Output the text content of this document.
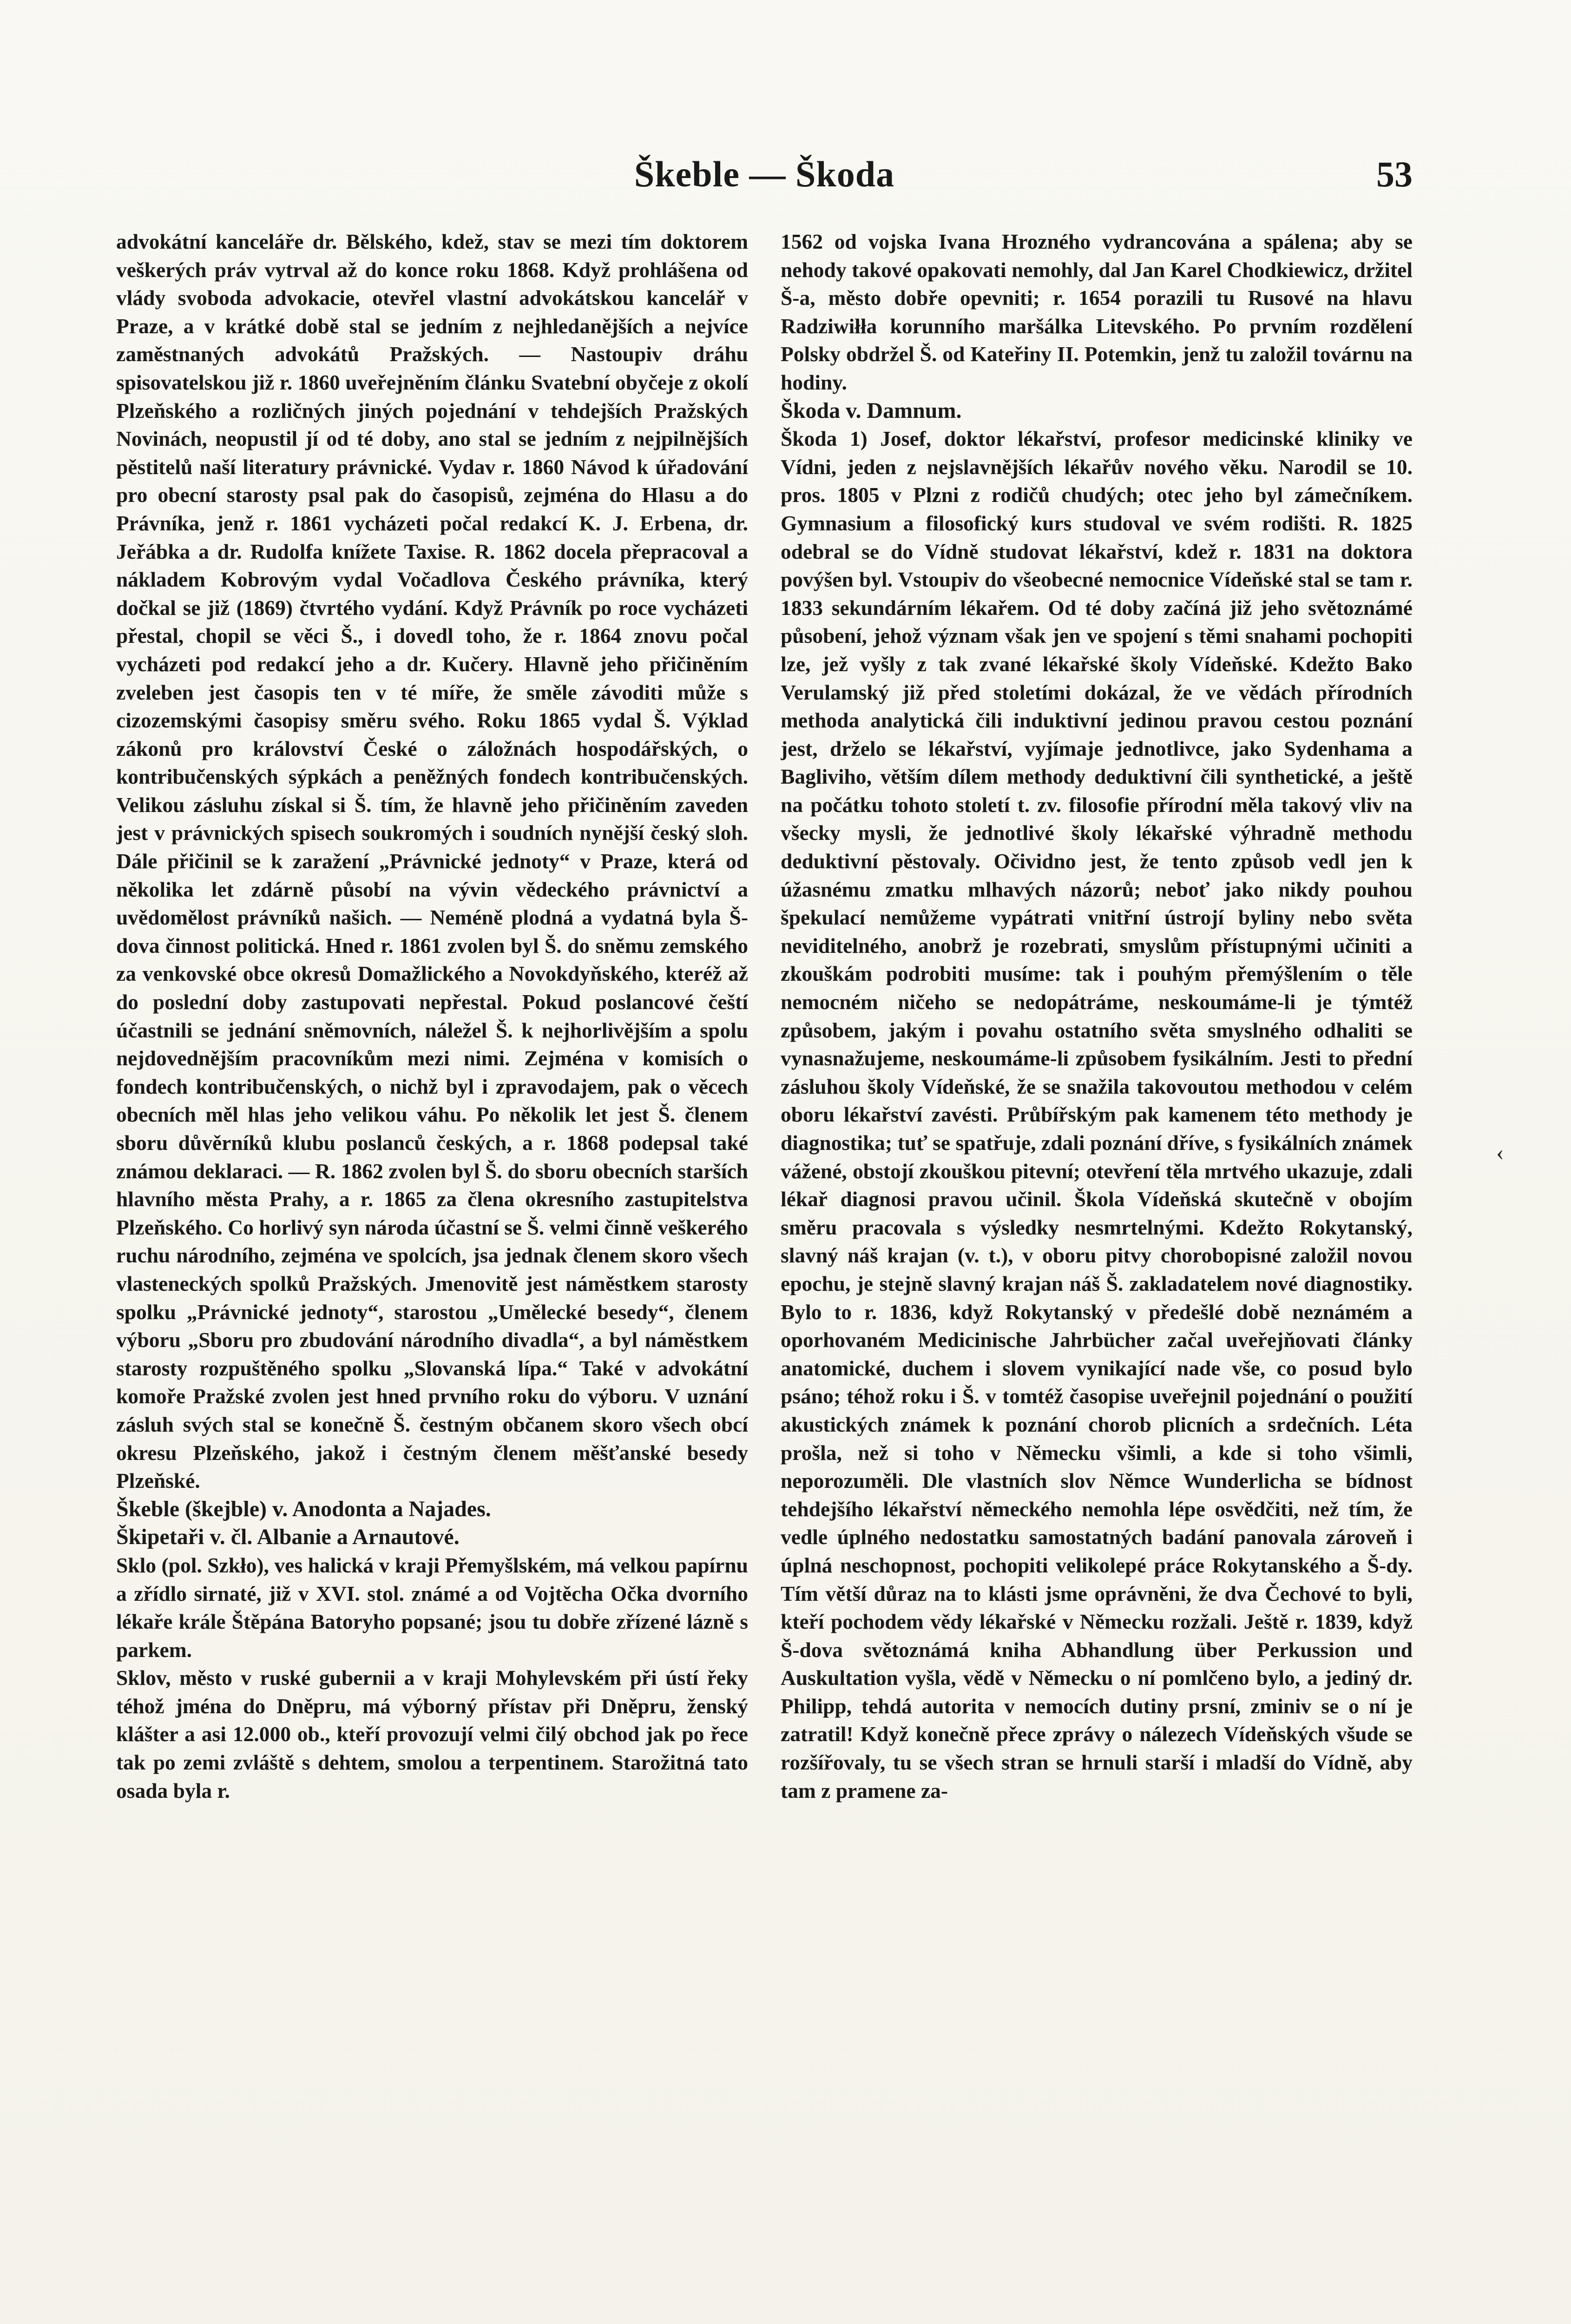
Škeble — Škoda	53

advokátní kanceláře dr. Bělského, kdež, stav se mezi tím doktorem veškerých práv vytrval až do konce roku 1868. Když prohlášena od vlády svoboda advokacie, otevřel vlastní advokátskou kancelář v Praze, a v krátké době stal se jedním z nejhledanějších a nejvíce zaměstnaných advokátů Pražských. — Nastoupiv dráhu spisovatelskou již r. 1860 uveřejněním článku Svatební obyčeje z okolí Plzeňského a rozličných jiných pojednání v tehdejších Pražských Novinách, neopustil jí od té doby, ano stal se jedním z nejpilnějších pěstitelů naší literatury právnické. Vydav r. 1860 Návod k úřadování pro obecní starosty psal pak do časopisů, zejména do Hlasu a do Právníka, jenž r. 1861 vycházeti počal redakcí K. J. Erbena, dr. Jeřábka a dr. Rudolfa knížete Taxise. R. 1862 docela přepracoval a nákladem Kobrovým vydal Vočadlova Českého právníka, který dočkal se již (1869) čtvrtého vydání. Když Právník po roce vycházeti přestal, chopil se věci Š., i dovedl toho, že r. 1864 znovu počal vycházeti pod redakcí jeho a dr. Kučery. Hlavně jeho přičiněním zveleben jest časopis ten v té míře, že směle závoditi může s cizozemskými časopisy směru svého. Roku 1865 vydal Š. Výklad zákonů pro království České o záložnách hospodářských, o kontribučenských sýpkách a peněžných fondech kontribučenských. Velikou zásluhu získal si Š. tím, že hlavně jeho přičiněním zaveden jest v právnických spisech soukromých i soudních nynější český sloh. Dále přičinil se k zaražení „Právnické jednoty“ v Praze, která od několika let zdárně působí na vývin vědeckého právnictví a uvědomělost právníků našich. — Neméně plodná a vydatná byla Š-dova činnost politická. Hned r. 1861 zvolen byl Š. do sněmu zemského za venkovské obce okresů Domažlického a Novokdyňského, kteréž až do poslední doby zastupovati nepřestal. Pokud poslancové čeští účastnili se jednání sněmovních, náležel Š. k nejhorlivějším a spolu nejdovednějším pracovníkům mezi nimi. Zejména v komisích o fondech kontribučenských, o nichž byl i zpravodajem, pak o věcech obecních měl hlas jeho velikou váhu. Po několik let jest Š. členem sboru důvěrníků klubu poslanců českých, a r. 1868 podepsal také známou deklaraci. — R. 1862 zvolen byl Š. do sboru obecních starších hlavního města Prahy, a r. 1865 za člena okresního zastupitelstva Plzeňského. Co horlivý syn národa účastní se Š. velmi činně veškerého ruchu národního, zejména ve spolcích, jsa jednak členem skoro všech vlasteneckých spolků Pražských. Jmenovitě jest náměstkem starosty spolku „Právnické jednoty“, starostou „Umělecké besedy“, členem výboru „Sboru pro zbudování národního divadla“, a byl náměstkem starosty rozpuštěného spolku „Slovanská lípa.“ Také v advokátní komoře Pražské zvolen jest hned prvního roku do výboru. V uznání zásluh svých stal se konečně Š. čestným občanem skoro všech obcí okresu Plzeňského, jakož i čestným členem měšťanské besedy Plzeňské.

Škeble (škejble) v. Anodonta a Najades.

Škipetaři v. čl. Albanie a Arnautové.

Sklo (pol. Szkło), ves halická v kraji Přemyšlském, má velkou papírnu a zřídlo sirnaté, již v XVI. stol. známé a od Vojtěcha Očka dvorního lékaře krále Štěpána Batoryho popsané; jsou tu dobře zřízené lázně s parkem.

Sklov, město v ruské gubernii a v kraji Mohylevském při ústí řeky téhož jména do Dněpru, má výborný přístav při Dněpru, ženský klášter a asi 12.000 ob., kteří provozují velmi čilý obchod jak po řece tak po zemi zvláště s dehtem, smolou a terpentinem. Starožitná tato osada byla r.

1562 od vojska Ivana Hrozného vydrancována a spálena; aby se nehody takové opakovati nemohly, dal Jan Karel Chodkiewicz, držitel Š-a, město dobře opevniti; r. 1654 porazili tu Rusové na hlavu Radziwiłła korunního maršálka Litevského. Po prvním rozdělení Polsky obdržel Š. od Kateřiny II. Potemkin, jenž tu založil továrnu na hodiny.

Škoda v. Damnum.

Škoda 1) Josef, doktor lékařství, profesor medicinské kliniky ve Vídni, jeden z nejslavnějších lékařův nového věku. Narodil se 10. pros. 1805 v Plzni z rodičů chudých; otec jeho byl zámečníkem. Gymnasium a filosofický kurs studoval ve svém rodišti. R. 1825 odebral se do Vídně studovat lékařství, kdež r. 1831 na doktora povýšen byl. Vstoupiv do všeobecné nemocnice Vídeňské stal se tam r. 1833 sekundárním lékařem. Od té doby začíná již jeho světoznámé působení, jehož význam však jen ve spojení s těmi snahami pochopiti lze, jež vyšly z tak zvané lékařské školy Vídeňské. Kdežto Bako Verulamský již před stoletími dokázal, že ve vědách přírodních methoda analytická čili induktivní jedinou pravou cestou poznání jest, drželo se lékařství, vyjímaje jednotlivce, jako Sydenhama a Bagliviho, větším dílem methody deduktivní čili synthetické, a ještě na počátku tohoto století t. zv. filosofie přírodní měla takový vliv na všecky mysli, že jednotlivé školy lékařské výhradně methodu deduktivní pěstovaly. Očividno jest, že tento způsob vedl jen k úžasnému zmatku mlhavých názorů; neboť jako nikdy pouhou špekulací nemůžeme vypátrati vnitřní ústrojí byliny nebo světa neviditelného, anobrž je rozebrati, smyslům přístupnými učiniti a zkouškám podrobiti musíme: tak i pouhým přemýšlením o těle nemocném ničeho se nedopátráme, neskoumáme-li je týmtéž způsobem, jakým i povahu ostatního světa smyslného odhaliti se vynasnažujeme, neskoumáme-li způsobem fysikálním. Jesti to přední zásluhou školy Vídeňské, že se snažila takovoutou methodou v celém oboru lékařství zavésti. Průbířským pak kamenem této methody je diagnostika; tuť se spatřuje, zdali poznání dříve, s fysikálních známek vážené, obstojí zkouškou pitevní; otevření těla mrtvého ukazuje, zdali lékař diagnosi pravou učinil. Škola Vídeňská skutečně v obojím směru pracovala s výsledky nesmrtelnými. Kdežto Rokytanský, slavný náš krajan (v. t.), v oboru pitvy chorobopisné založil novou epochu, je stejně slavný krajan náš Š. zakladatelem nové diagnostiky. Bylo to r. 1836, když Rokytanský v předešlé době neznámém a oporhovaném Medicinische Jahrbücher začal uveřejňovati články anatomické, duchem i slovem vynikající nade vše, co posud bylo psáno; téhož roku i Š. v tomtéž časopise uveřejnil pojednání o použití akustických známek k poznání chorob plicních a srdečních. Léta prošla, než si toho v Německu všimli, a kde si toho všimli, neporozuměli. Dle vlastních slov Němce Wunderlicha se bídnost tehdejšího lékařství německého nemohla lépe osvědčiti, než tím, že vedle úplného nedostatku samostatných badání panovala zároveň i úplná neschopnost, pochopiti velikolepé práce Rokytanského a Š-dy. Tím větší důraz na to klásti jsme oprávněni, že dva Čechové to byli, kteří pochodem vědy lékařské v Německu rozžali. Ještě r. 1839, když Š-dova světoznámá kniha Abhandlung über Perkussion und Auskultation vyšla, vědě v Německu o ní pomlčeno bylo, a jediný dr. Philipp, tehdá autorita v nemocích dutiny prsní, zminiv se o ní je zatratil! Když konečně přece zprávy o nálezech Vídeňských všude se rozšířovaly, tu se všech stran se hrnuli starší i mladší do Vídně, aby tam z pramene za-

‹
